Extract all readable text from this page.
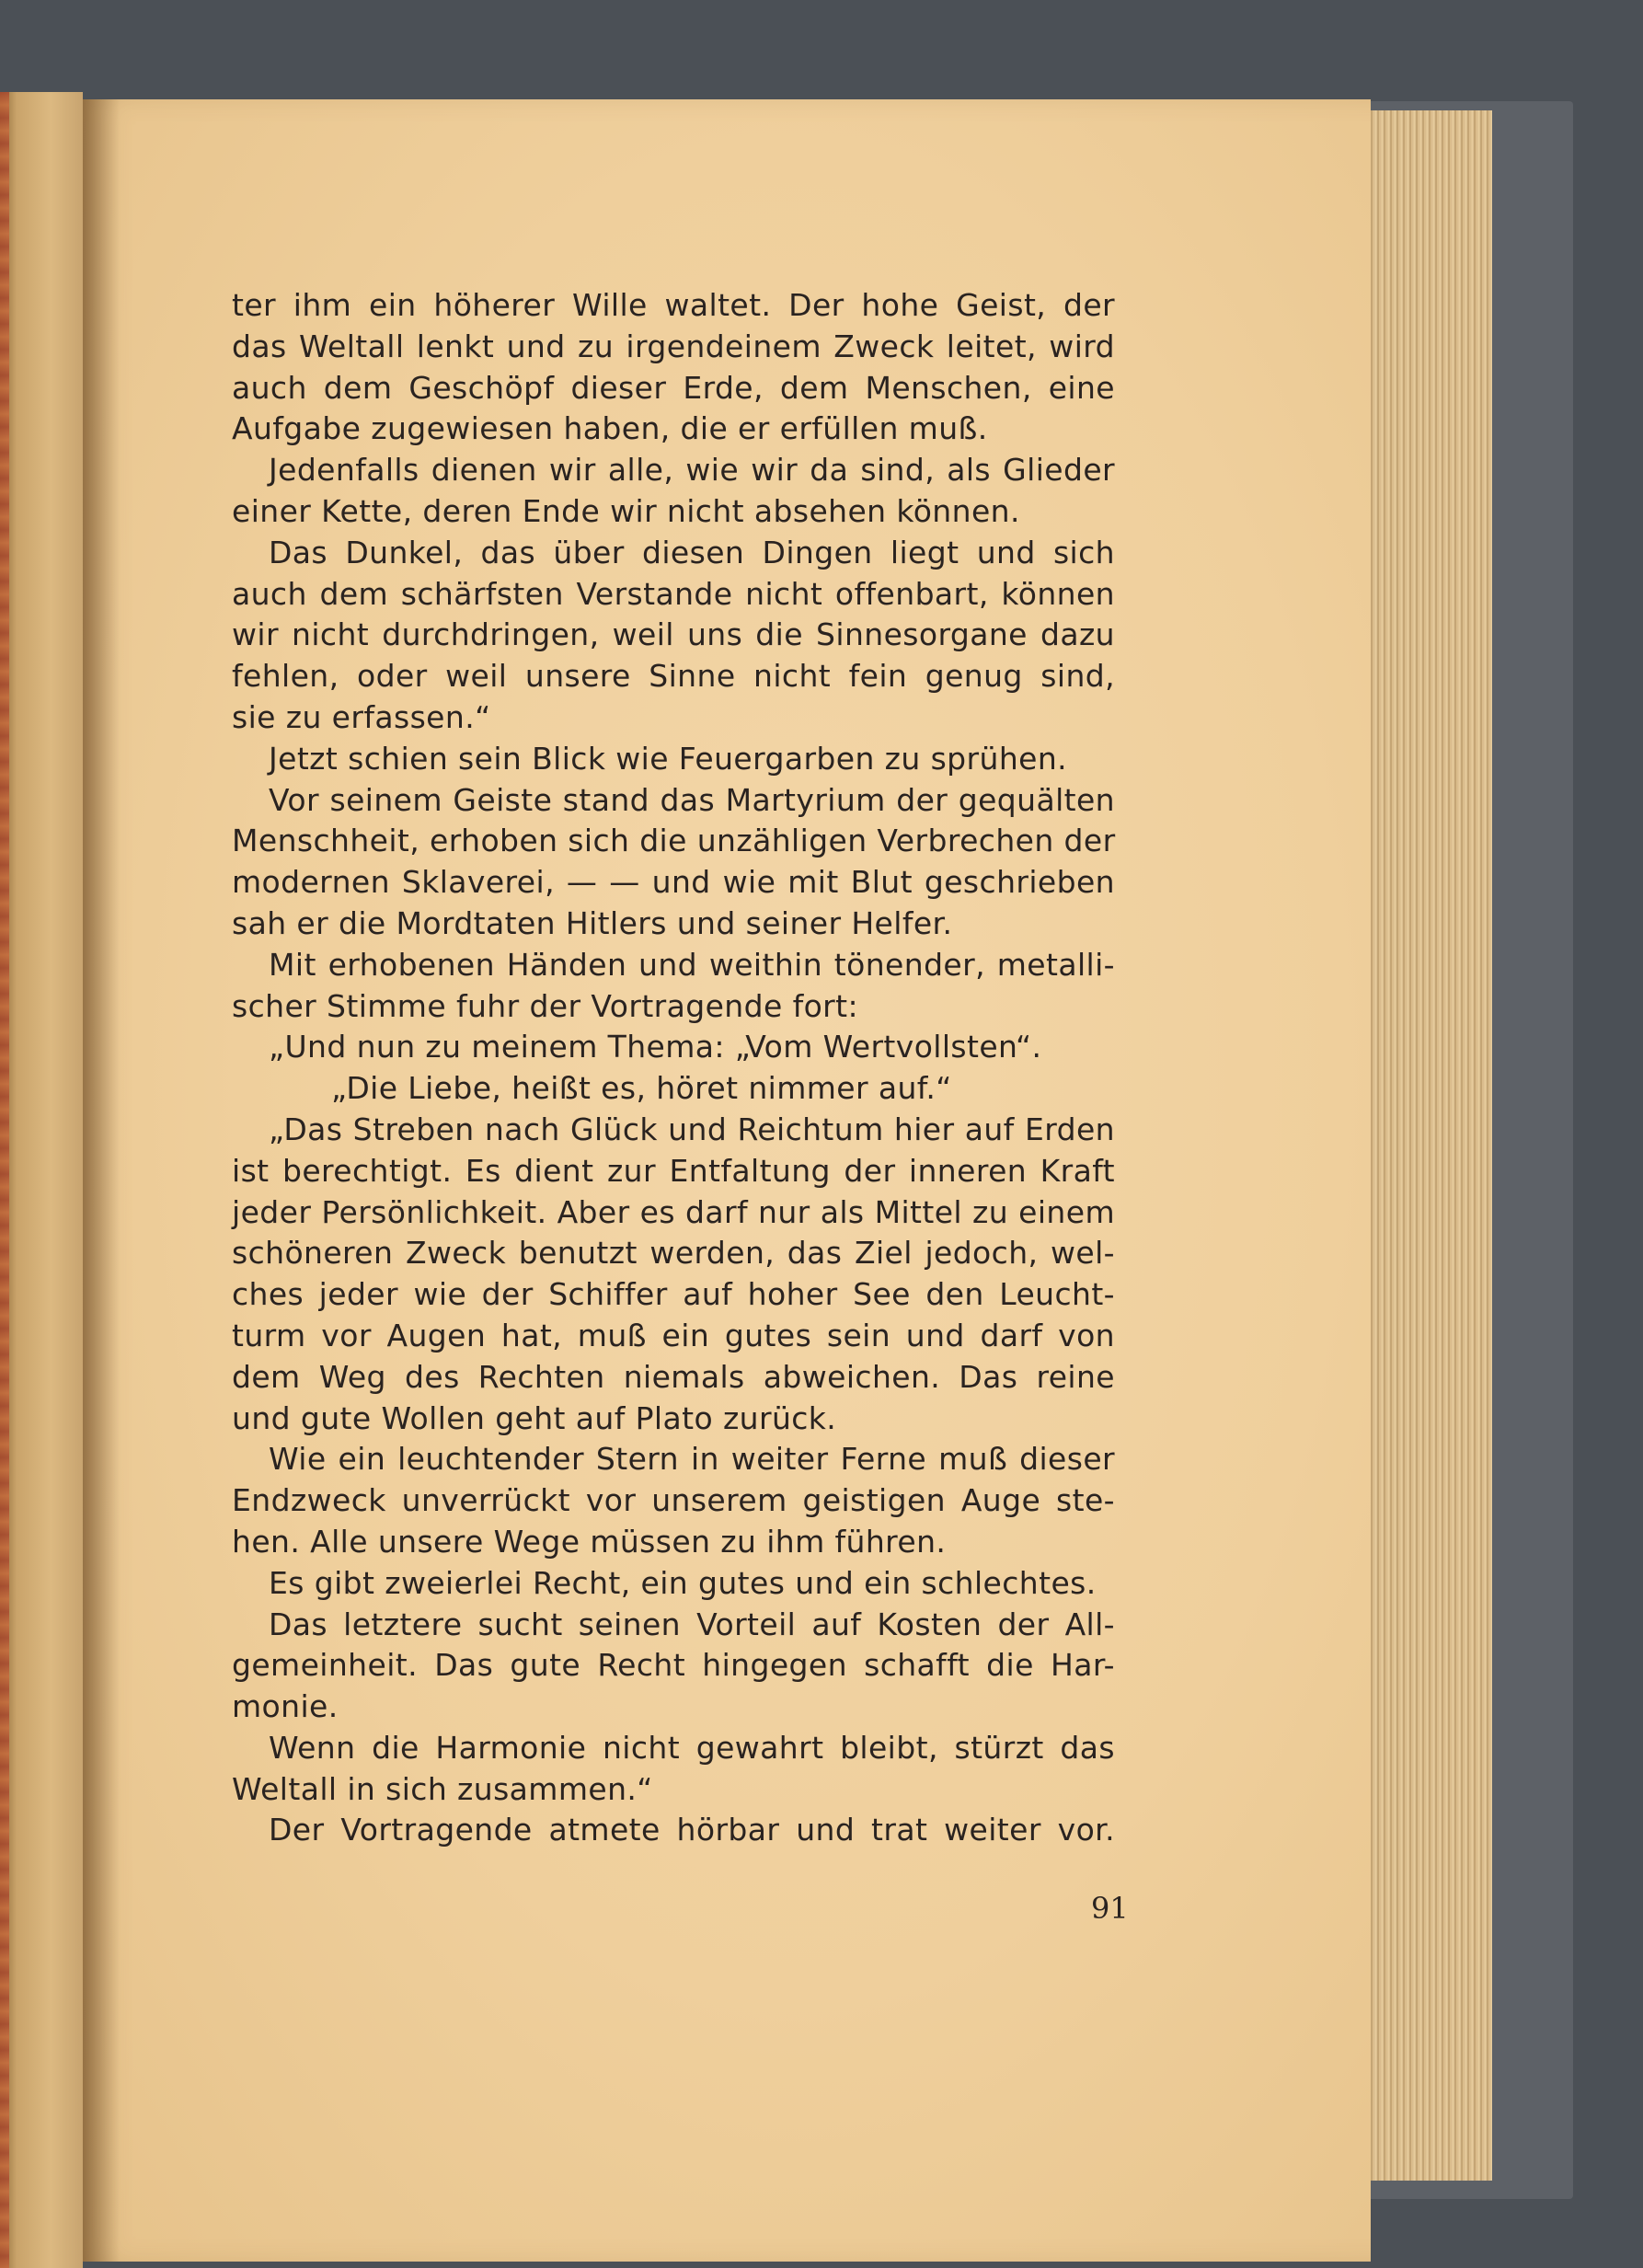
ter ihm ein höherer Wille waltet. Der hohe Geist, der
das Weltall lenkt und zu irgendeinem Zweck leitet, wird
auch dem Geschöpf dieser Erde, dem Menschen, eine
Aufgabe zugewiesen haben, die er erfüllen muß.
Jedenfalls dienen wir alle, wie wir da sind, als Glieder
einer Kette, deren Ende wir nicht absehen können.
Das Dunkel, das über diesen Dingen liegt und sich
auch dem schärfsten Verstande nicht offenbart, können
wir nicht durchdringen, weil uns die Sinnesorgane dazu
fehlen, oder weil unsere Sinne nicht fein genug sind,
sie zu erfassen.“
Jetzt schien sein Blick wie Feuergarben zu sprühen.
Vor seinem Geiste stand das Martyrium der gequälten
Menschheit, erhoben sich die unzähligen Verbrechen der
modernen Sklaverei, — — und wie mit Blut geschrieben
sah er die Mordtaten Hitlers und seiner Helfer.
Mit erhobenen Händen und weithin tönender, metalli-
scher Stimme fuhr der Vortragende fort:
„Und nun zu meinem Thema: „Vom Wertvollsten“.
„Die Liebe, heißt es, höret nimmer auf.“
„Das Streben nach Glück und Reichtum hier auf Erden
ist berechtigt. Es dient zur Entfaltung der inneren Kraft
jeder Persönlichkeit. Aber es darf nur als Mittel zu einem
schöneren Zweck benutzt werden, das Ziel jedoch, wel-
ches jeder wie der Schiffer auf hoher See den Leucht-
turm vor Augen hat, muß ein gutes sein und darf von
dem Weg des Rechten niemals abweichen. Das reine
und gute Wollen geht auf Plato zurück.
Wie ein leuchtender Stern in weiter Ferne muß dieser
Endzweck unverrückt vor unserem geistigen Auge ste-
hen. Alle unsere Wege müssen zu ihm führen.
Es gibt zweierlei Recht, ein gutes und ein schlechtes.
Das letztere sucht seinen Vorteil auf Kosten der All-
gemeinheit. Das gute Recht hingegen schafft die Har-
monie.
Wenn die Harmonie nicht gewahrt bleibt, stürzt das
Weltall in sich zusammen.“
Der Vortragende atmete hörbar und trat weiter vor.
91
